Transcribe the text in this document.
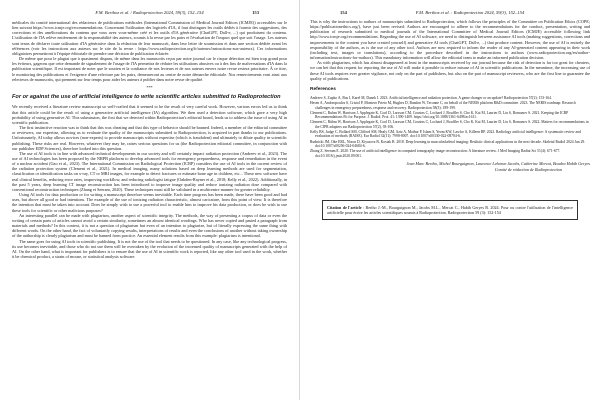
F.M. Berthoz et al. / Radioprotection 2024, 59(3), 152–154	153

médicales du comité international des rédacteurs de publications médicales (International Commission of Medical Journal Editors (ICMJE)) accessibles sur le lien suivant https://www.icmje.org/recommendations. Concernant l'utilisation des logiciels d'IA, il faut distinguer les outils dédiés à fournir des suggestions, des corrections et des améliorations du contenu que vous avez vous-même créé et les outils d'IA générative (ChatGPT, Dall-e, ...) qui produisent du contenu. L'utilisation de l'IA relève entièrement de la responsabilité des auteurs, soumis à la revue par les pairs et l'évaluation de l'impact quel que soit l'usage. Les auteurs sont tenus de déclarer toute utilisation d'IA générative dans la rédaction de leur manuscrit, dans leur lettre de soumission et dans une section dédiée avant les références (voir les instructions aux auteurs sur le site de la revue : https://www.radioprotection.org/fr/auteurs/instructions-aux-auteurs). Ces informations obligatoires permettront à l'équipe éditoriale de prendre une décision de publication éclairée.

De même que pour le plagiat que à quasiment disparu, de même dans les manuscrits reçus par notre journal car le risque détection est bien trop grand pour les éviteurs, gageons que cette demande de signalement de l'usage de l'IA permettra de réduire les utilisations abusives ou à des fins de malversations d'IA dans la publication scientifique. Il est important de noter que le soutien et la confiance de nos lecteurs et de nos auteurs envers notre revue restera prioritaire. À ce titre, le monitoring des publications et l'exigence d'une relecture par les pairs, demeureront au centre de notre démarche éditoriale. Nos remerciements vont ainsi aux relecteurs de manuscrits, qui prennent sur leur temps pour aider les auteurs à publier dans notre revue de qualité.

***
For or against the use of artificial intelligence to write scientific articles submitted to Radioprotection

We recently received a literature review manuscript so well-crafted that it seemed to be the result of very careful work. However, various errors led us to think that this article could be the result of using a generative artificial intelligence (IA) algorithm. We then used a detection software, which gave a very high probability of using generative AI. This submission, the first that we detected within Radioprotection's editorial board, leads us to address the issue of using AI in scientific publication.

The first instinctive reaction was to think that this was cheating and that this type of behavior should be banned. Indeed, a member of the editorial committee or reviewers, our expertise, allowing us to evaluate the quality of the manuscripts submitted to Radioprotection, is acquired in part thanks to our publications. Unfortunately, AI today allows novices (non-experts) to provide manuscripts without expertise (which is fraudulent) and ultimately to dilute quality in scientific publishing. These risks are real. However, whatever they may be, raises serious questions for us (the Radioprotection editorial committee, in conjunction with our publisher EDP Sciences), therefore looked into this question.

The use of AI tools is in line with advanced technical developments in our society and will certainly impact radiation protection (Andreev et al., 2023). The use of AI technologies has been proposed by the NRPB platform to develop advanced tools for emergency preparedness, response and remediation in the event of a nuclear accident (Gao et al., 2023). The International Commission on Radiological Protection (ICRP) considers the use of AI tools in the current review of the radiation protection system (Clement et al., 2021). In medical imaging, many solutions based on deep learning methods are used for segmentation, classification or identification tasks on x-ray, CT or MRI images, for example to detect fractures or estimate bone age in children, etc... These new software have real clinical benefits, reducing error rates, improving workflow, and reducing radiologist fatigue (Oakden-Rayner et al., 2018; Kelly et al., 2022). Additionally, in the past 5 years, deep learning CT image reconstruction has been introduced to improve image quality and reduce ionizing radiation dose compared with conventional reconstruction techniques (Zhang et Seeram, 2020). These techniques must still be validated in a multicentre manner for greater reliability.

Using AI tools for data production or for writing a manuscript therefore seems inevitable. Each time progress has been made, there have been good and bad uses, but above all good or bad intentions. The example of the use of ionizing radiation characteristic, almost caricature, from this point of view. It is therefore the intention that must be taken into account. Does he simply wish to use a powerful tool to enable him to improve his data production, or does he wish to use these tools for scientific or other malicious purposes?

An interesting parallel can be made with plagiarism, another aspect of scientific integrity. The methods, the way of presenting a corpus of data or even the writing of certain parts of articles cannot avoid a certain similarity, sometimes an almost identical wordings. Who has never copied and pasted a paragraph from materials and methods? In this context, it is not a question of plagiarism but even of an intention to plagiarize, but of literally expressing the same thing with different words. On the other hand, the fact of voluntarily copying results, interpretations of results and even the conclusions of another without taking ownership of the authorship is clearly plagiarism and must be banned from practice. An essential element results from this example: plagiarism is intentional.

The same goes for using AI tools in scientific publishing. It is not the use of the tool that needs to be questioned. In any case, like any technological progress, its use becomes inevitable, and those who do not use them will be overtaken by the evolution of the increased quality of manuscripts generated with the help of AI. On the other hand, what is important for publishers is to ensure that the use of AI in scientific work is reported, like any other tool used in the work, whether it be chemical product, a strain of mouse, or statistical analysis software.

154	F.M. Berthoz et al. : Radioprotection 2024, 59(3), 152–154

This is why the instructions to authors of manuscripts submitted to Radioprotection, which follows the principles of the Committee on Publication Ethics (COPE; https://publicationethics.org/), have just been revised: Authors are encouraged to adhere to the recommendations for the conduct, presentation, writing and publication of research submitted to medical journals of the International Committee of Medical Journal Editors (ICMJE) accessible following link http://www.icmje.org/recommendations. Regarding the use of AI software, we need to distinguish between assistance AI tools (making suggestions, corrections and improvements to the content you have created yourself) and generative AI tools (ChatGPT, Dall-e, ...) that produce content. However, the use of AI is entirely the responsibility of the authors, as is the use of any other tool. Authors are now required to inform the reader of any AI-generated content appearing in their work (including text, images or translations), according to the procedure described in the instructions to authors (www.radioprotection.org/en/author-information/instructions-for-authors). This mandatory information will allow the editorial team to make an informed publication decision.

As with plagiarism, which has almost disappeared at least in the manuscripts received by our journal because the risk of detection is far too great for cheaters, we can bet that this request for reporting the use of AI will make it possible to reduce misuse of AI in scientific publications. In the meantime, the increasing use of these AI tools requires ever greater vigilance, not only on the part of publishers, but also on the part of manuscript reviewers, who are the first line to guarantee the quality of publications.

References
Andreev S, Zupko A, Bus I, Karel M, Danek I. 2023. Artificial intelligence and radiation protection. A game changer or an update? Radioprotection 57(2): 153-164.
Hesen A, Andreopoulos S, Cristol P, Montero Prieto M, Hughes D, Randon W, Tecanne C, on behalf of the NERIS platform R&D committee. 2023. The NERIS roadmap: Research challenges in emergency preparedness, response and recovery. Radioprotection 58(3): 189-199.
Clement C, Ruhm W, Harrison J, Applegate K, Cool D, Larsson CM, Cousins C, Lochard J, Bouffler S, Cho K, Kai M, Laurier D, Liu S, Romanov S. 2021. Keeping the ICRP Recommendations Fit for Purpose. J. Radiol. Prot. 41: 1390-1409. https://doi.org/10.1088/1361-6498/ac1611.
Clement C, Rühm W, Harrison J, Applegate K, Cool D, Larsson CM, Cousins C, Lochard J, Bouffler S, Cho K, Kai M, Laurier D, Liu S, Romanov S. 2022. Matters for recommendations in the CIPR adapters sur Radioprotection 57(2), 93-106.
Kelly BS, Judge C, Bollard SM, Clifford SM, Healy GM, Aziz A, Mathur P, Islam S, Yeom KW, Lawlor A, Killeen RP. 2022. Radiology artificial intelligence: A systematic review and evaluation of methods (RAISE). Eur Radiol 32(11): 7998-8007. doi:10.1007/s00330-022-08784-6.
Rudnicki JM, Oke ERL, Nixon D, Kiyasova B, Kosiak B. 2018. Deep learning in musculoskeletal imaging: Realistic clinical applications in the next decade. Skeletal Radiol 2024 Jun 29. doi:10.1007/s00256-024-04684-6.
Zhang Z, Seeram E. 2020. The use of artificial intelligence in computed tomography image reconstruction: A literature review. J Med Imaging Radiat Sci 51(4): 671-677. doi:10.1016/j.jmir.2020.09.001.
Jean Marc Bertho, Michel Bourguignon, Laurence Lebaron Jacobs, Catherine Mercat, Boudra Habib Geryes
Comité de rédaction de Radioprotection
Citation de l'article : Bertho J.-M., Bourguignon M., Jacobs M.L., Mercat C., Habib Geryes B. 2024. Pour ou contre l'utilisation de l'intelligence artificielle pour écrire les articles scientifiques soumis à Radioprotection. Radioprotection 59 (3): 152-154
